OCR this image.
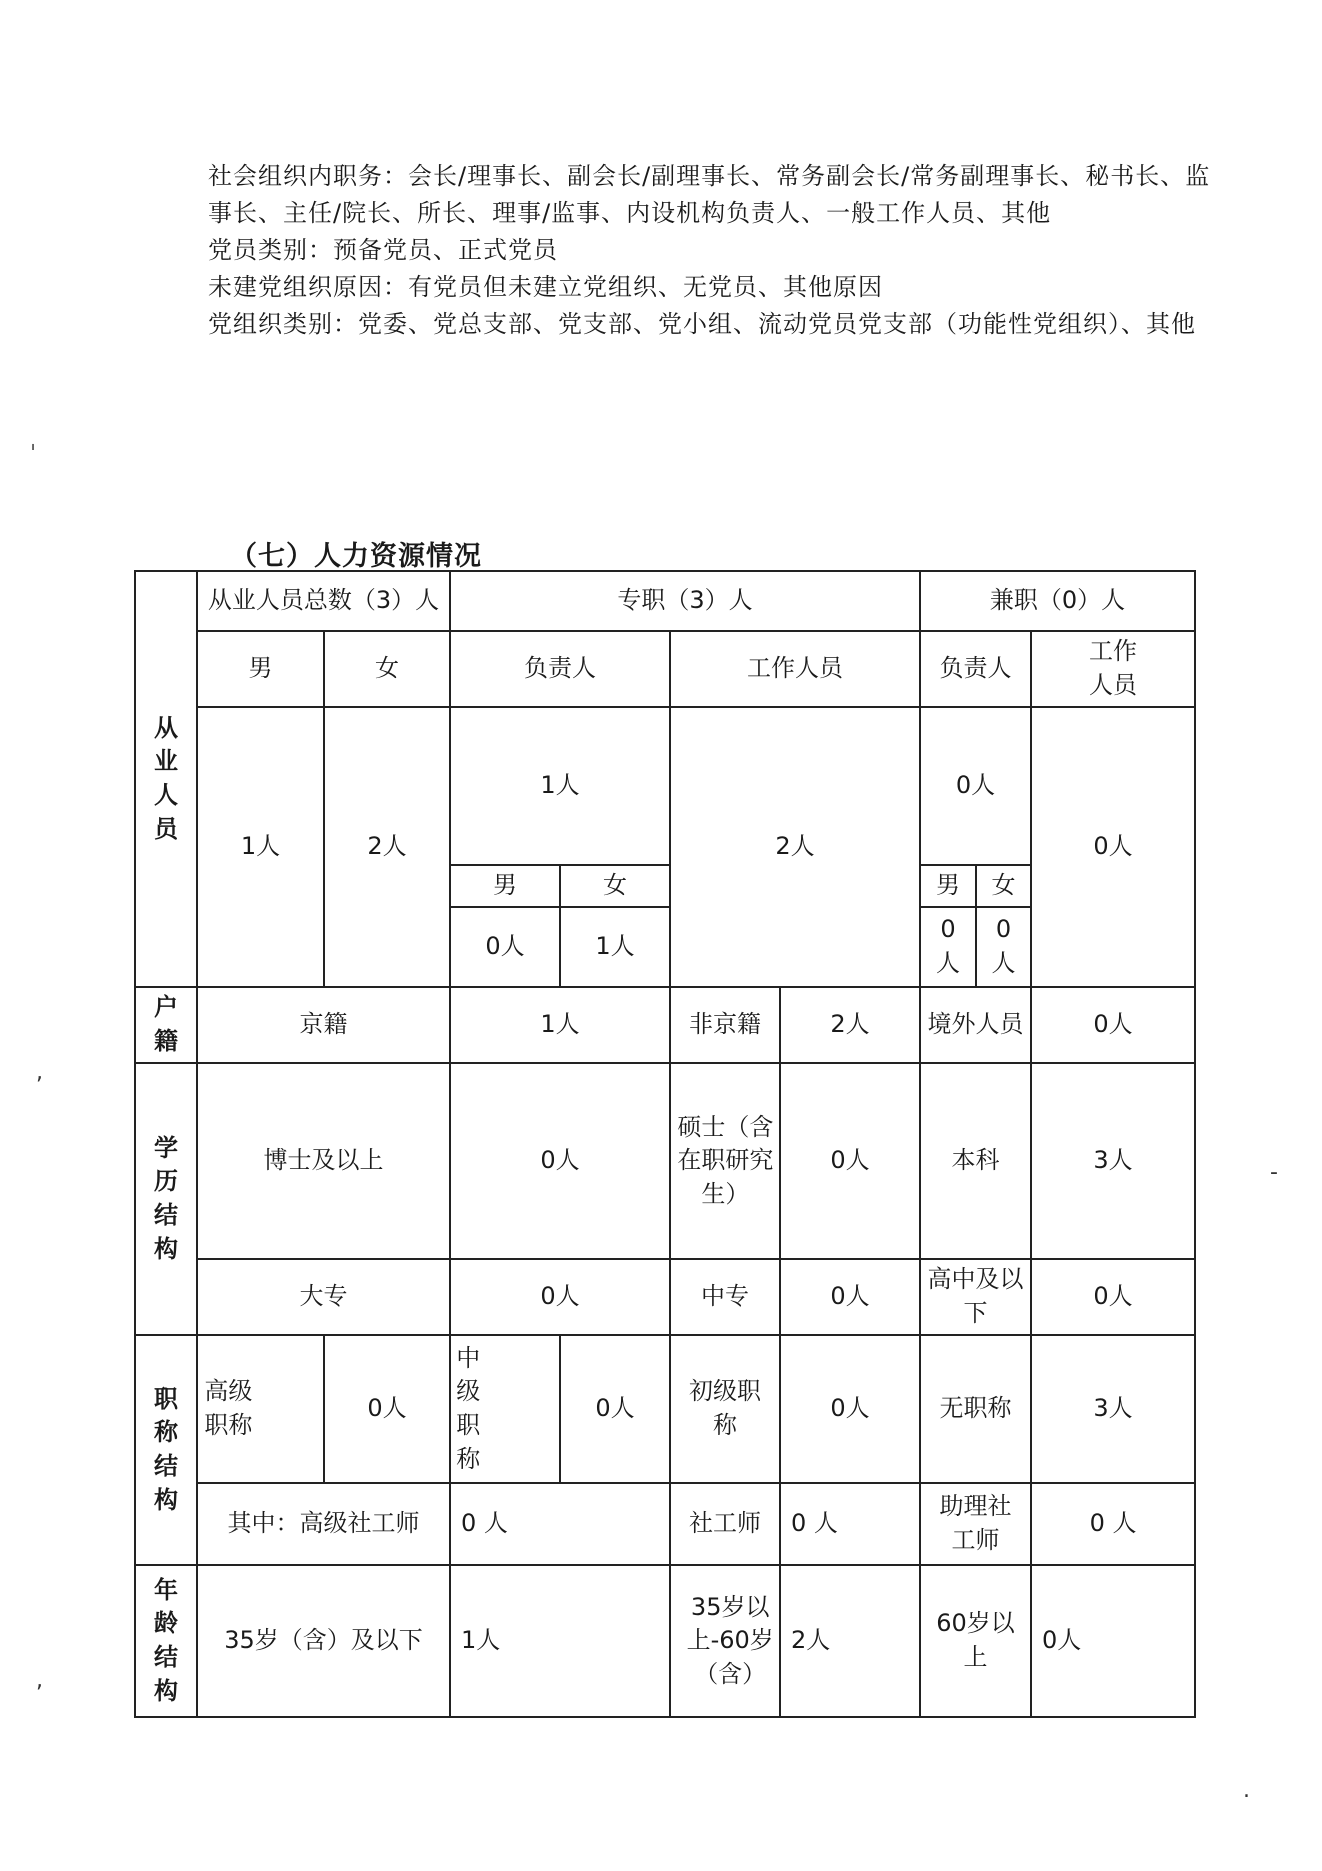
社会组织内职务：会长/理事长、副会长/副理事长、常务副会长/常务副理事长、秘书长、监
事长、主任/院长、所长、理事/监事、内设机构负责人、一般工作人员、其他
党员类别：预备党员、正式党员
未建党组织原因：有党员但未建立党组织、无党员、其他原因
党组织类别：党委、党总支部、党支部、党小组、流动党员党支部（功能性党组织）、其他
ˈ
,
,
-
.
（七）人力资源情况
从业人员	从业人员总数（3）人		专职（3）人				兼职（0）人		
	男	女	负责人		工作人员		负责人		工作人员

	1人	2人	1人		2人		0人		0人
			男	女			男	女	
			0人	1人			0人	0人	

户籍	京籍		1人		非京籍	2人	境外人员		0人

学历结构	博士及以上		0人		硕士（含在职研究生）	0人	本科		3人
	大专		0人		中专	0人	高中及以下		0人

职称结构	高级职称	0人	中级职称	0人	初级职称	0人	无职称		3人
	其中：高级社工师		0 人		社工师	0 人	助理社工师		0 人

年龄结构	35岁（含）及以下		1人		35岁以上-60岁（含）	2人	60岁以上		0人
